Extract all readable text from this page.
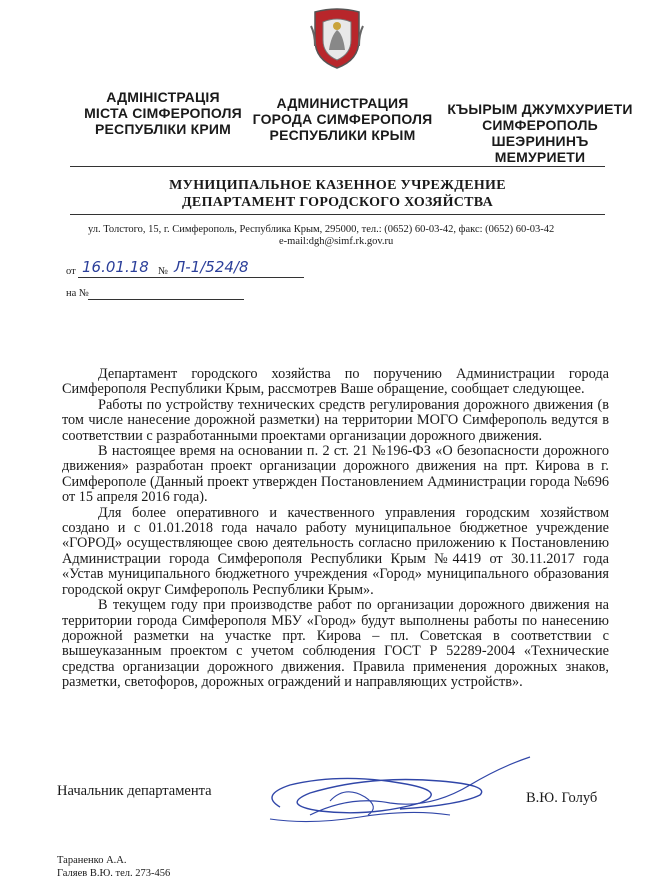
АДМІНІСТРАЦІЯ
МІСТА СІМФЕРОПОЛЯ
РЕСПУБЛІКИ КРИМ
АДМИНИСТРАЦИЯ
ГОРОДА СИМФЕРОПОЛЯ
РЕСПУБЛИКИ КРЫМ
КЪЫРЫМ ДЖУМХУРИЕТИ
СИМФЕРОПОЛЬ
ШЕЭРИНИНЪ
МЕМУРИЕТИ
МУНИЦИПАЛЬНОЕ КАЗЕННОЕ УЧРЕЖДЕНИЕ
ДЕПАРТАМЕНТ ГОРОДСКОГО ХОЗЯЙСТВА
ул. Толстого, 15, г. Симферополь, Республика Крым, 295000, тел.: (0652) 60-03-42, факс: (0652) 60-03-42
e-mail:dgh@simf.rk.gov.ru
от 16.01.18 № Л-1/524/8
на №

Департамент городского хозяйства по поручению Администрации города Симферополя Республики Крым, рассмотрев Ваше обращение, сообщает следующее.

Работы по устройству технических средств регулирования дорожного движения (в том числе нанесение дорожной разметки) на территории МОГО Симферополь ведутся в соответствии с разработанными проектами организации дорожного движения.

В настоящее время на основании п. 2 ст. 21 №196-ФЗ «О безопасности дорожного движения» разработан проект организации дорожного движения на прт. Кирова в г. Симферополе (Данный проект утвержден Постановлением Администрации города №696 от 15 апреля 2016 года).

Для более оперативного и качественного управления городским хозяйством создано и с 01.01.2018 года начало работу муниципальное бюджетное учреждение «ГОРОД» осуществляющее свою деятельность согласно приложению к Постановлению Администрации города Симферополя Республики Крым №4419 от 30.11.2017 года «Устав муниципального бюджетного учреждения «Город» муниципального образования городской округ Симферополь Республики Крым».

В текущем году при производстве работ по организации дорожного движения на территории города Симферополя МБУ «Город» будут выполнены работы по нанесению дорожной разметки на участке прт. Кирова – пл. Советская в соответствии с вышеуказанным проектом с учетом соблюдения ГОСТ Р 52289-2004 «Технические средства организации дорожного движения. Правила применения дорожных знаков, разметки, светофоров, дорожных ограждений и направляющих устройств».

Начальник департамента	В.Ю. Голуб
Тараненко А.А.
Галяев В.Ю. тел. 273-456
